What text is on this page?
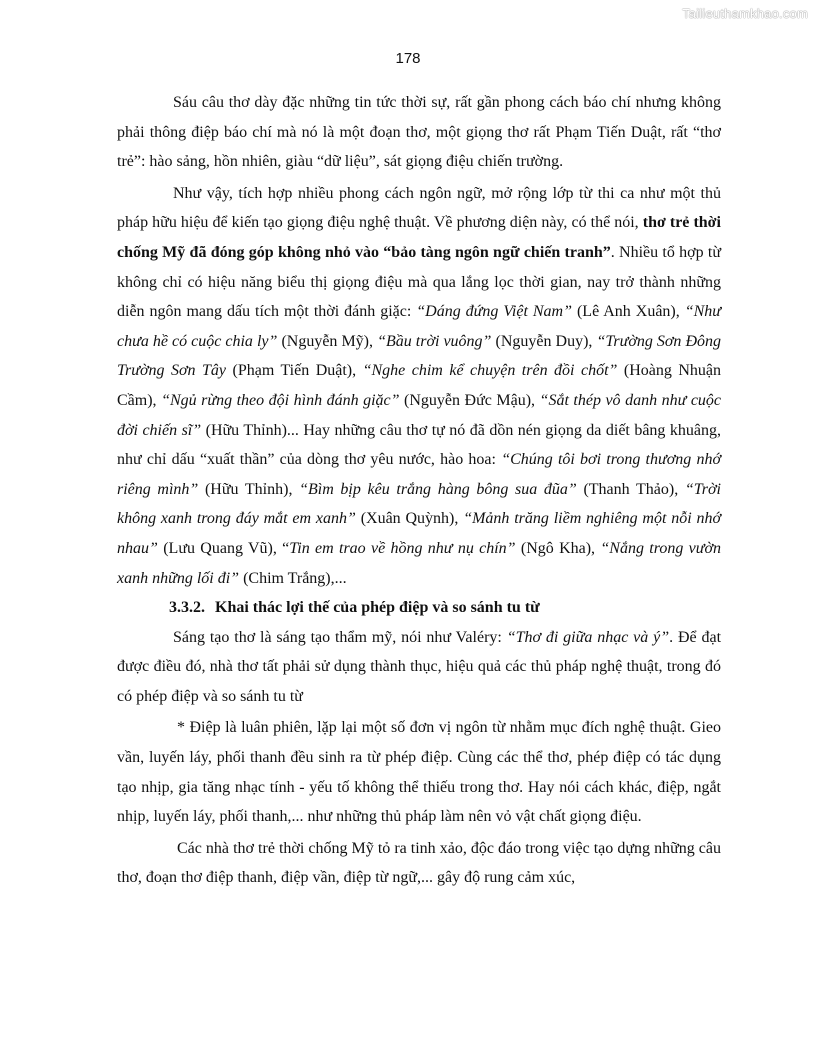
Tailieuthamkhao.com
178

Sáu câu thơ dày đặc những tin tức thời sự, rất gần phong cách báo chí nhưng không phải thông điệp báo chí mà nó là một đoạn thơ, một giọng thơ rất Phạm Tiến Duật, rất “thơ trẻ”: hào sảng, hồn nhiên, giàu “dữ liệu”, sát giọng điệu chiến trường.

Như vậy, tích hợp nhiều phong cách ngôn ngữ, mở rộng lớp từ thi ca như một thủ pháp hữu hiệu để kiến tạo giọng điệu nghệ thuật. Về phương diện này, có thể nói, thơ trẻ thời chống Mỹ đã đóng góp không nhỏ vào “bảo tàng ngôn ngữ chiến tranh”. Nhiều tổ hợp từ không chỉ có hiệu năng biểu thị giọng điệu mà qua lắng lọc thời gian, nay trở thành những diễn ngôn mang dấu tích một thời đánh giặc: “Dáng đứng Việt Nam” (Lê Anh Xuân), “Như chưa hề có cuộc chia ly” (Nguyễn Mỹ), “Bầu trời vuông” (Nguyễn Duy), “Trường Sơn Đông Trường Sơn Tây (Phạm Tiến Duật), “Nghe chim kể chuyện trên đồi chốt” (Hoàng Nhuận Cầm), “Ngủ rừng theo đội hình đánh giặc” (Nguyễn Đức Mậu), “Sắt thép vô danh như cuộc đời chiến sĩ” (Hữu Thỉnh)... Hay những câu thơ tự nó đã dồn nén giọng da diết bâng khuâng, như chỉ dấu “xuất thần” của dòng thơ yêu nước, hào hoa: “Chúng tôi bơi trong thương nhớ riêng mình” (Hữu Thỉnh), “Bìm bịp kêu trắng hàng bông sua đũa” (Thanh Thảo), “Trời không xanh trong đáy mắt em xanh” (Xuân Quỳnh), “Mảnh trăng liềm nghiêng một nỗi nhớ nhau” (Lưu Quang Vũ), “Tin em trao về hồng như nụ chín” (Ngô Kha), “Nắng trong vườn xanh những lối đi” (Chim Trắng),...

3.3.2. Khai thác lợi thế của phép điệp và so sánh tu từ

Sáng tạo thơ là sáng tạo thẩm mỹ, nói như Valéry: “Thơ đi giữa nhạc và ý”. Để đạt được điều đó, nhà thơ tất phải sử dụng thành thục, hiệu quả các thủ pháp nghệ thuật, trong đó có phép điệp và so sánh tu từ

* Điệp là luân phiên, lặp lại một số đơn vị ngôn từ nhằm mục đích nghệ thuật. Gieo vần, luyến láy, phối thanh đều sinh ra từ phép điệp. Cùng các thể thơ, phép điệp có tác dụng tạo nhịp, gia tăng nhạc tính - yếu tố không thể thiếu trong thơ. Hay nói cách khác, điệp, ngắt nhịp, luyến láy, phối thanh,... như những thủ pháp làm nên vỏ vật chất giọng điệu.

Các nhà thơ trẻ thời chống Mỹ tỏ ra tinh xảo, độc đáo trong việc tạo dựng những câu thơ, đoạn thơ điệp thanh, điệp vần, điệp từ ngữ,... gây độ rung cảm xúc,
